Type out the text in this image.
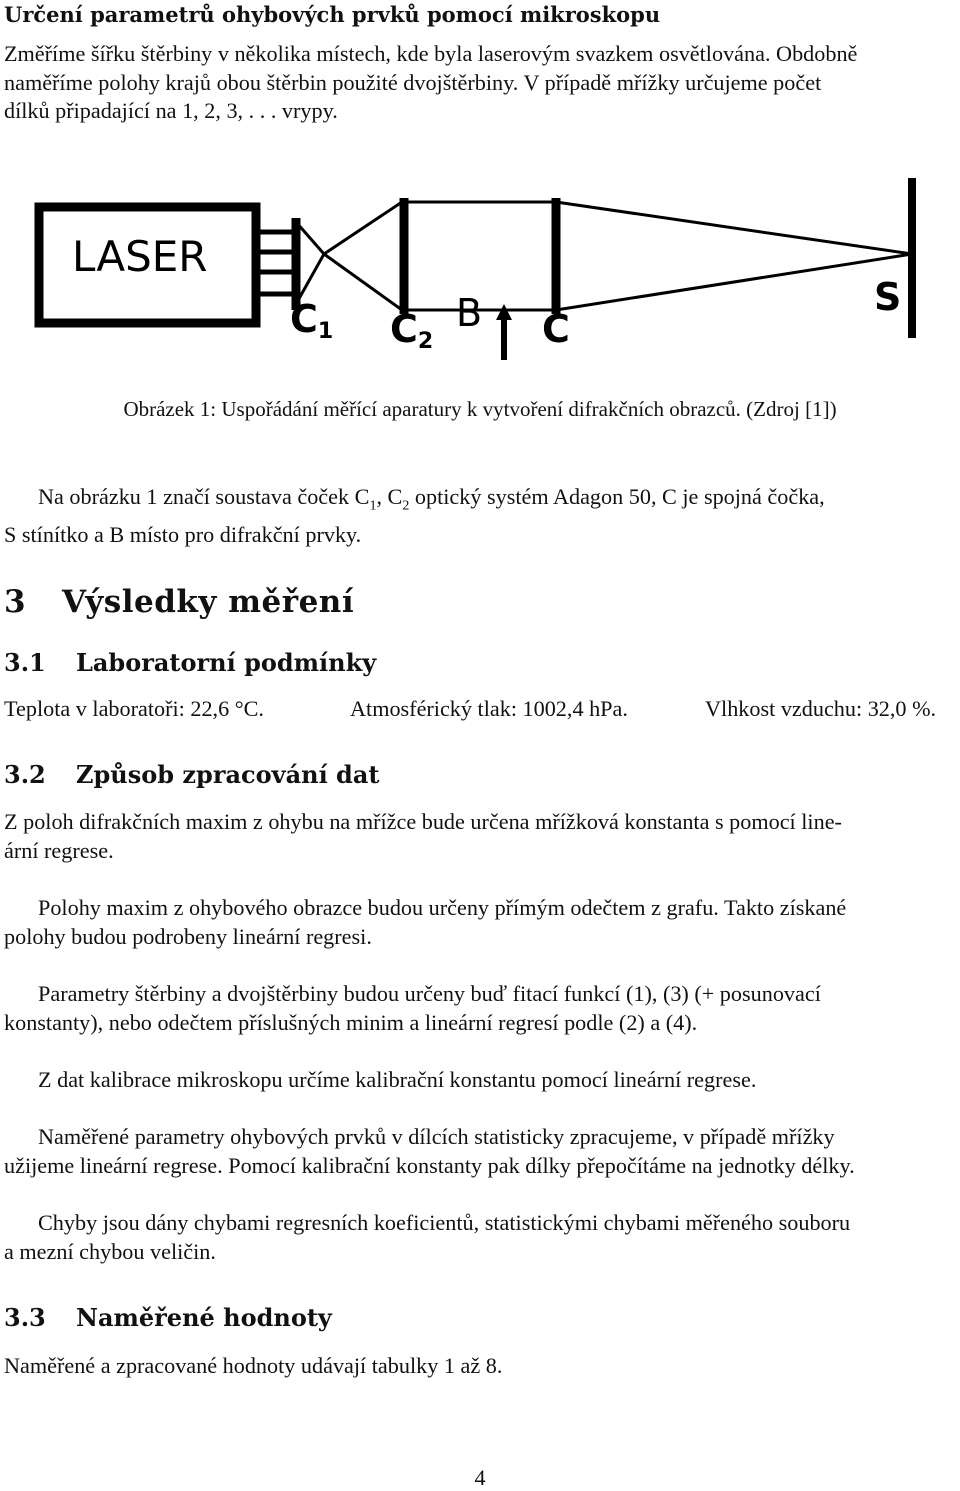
Určení parametrů ohybových prvků pomocí mikroskopu
Změříme šířku štěrbiny v několika místech, kde byla laserovým svazkem osvětlována. Obdobně
naměříme polohy krajů obou štěrbin použité dvojštěrbiny. V případě mřížky určujeme počet
dílků připadající na 1, 2, 3, . . . vrypy.
LASER
C1 C2
B C
S
Obrázek 1: Uspořádání měřící aparatury k vytvoření difrakčních obrazců. (Zdroj [1])
Na obrázku 1 značí soustava čoček $C_1$, $C_2$ optický systém Adagon 50, C je spojná čočka,
S stínítko a B místo pro difrakční prvky.
3 Výsledky měření
3.1 Laboratorní podmínky
Teplota v laboratoři: 22,6 °C.	Atmosférický tlak: 1002,4 hPa.	Vlhkost vzduchu: 32,0 %.
3.2 Způsob zpracování dat
Z poloh difrakčních maxim z ohybu na mřížce bude určena mřížková konstanta s pomocí line-
ární regrese.
Polohy maxim z ohybového obrazce budou určeny přímým odečtem z grafu. Takto získané
polohy budou podrobeny lineární regresi.
Parametry štěrbiny a dvojštěrbiny budou určeny buď fitací funkcí (1), (3) (+ posunovací
konstanty), nebo odečtem příslušných minim a lineární regresí podle (2) a (4).
Z dat kalibrace mikroskopu určíme kalibrační konstantu pomocí lineární regrese.
Naměřené parametry ohybových prvků v dílcích statisticky zpracujeme, v případě mřížky
užijeme lineární regrese. Pomocí kalibrační konstanty pak dílky přepočítáme na jednotky délky.
Chyby jsou dány chybami regresních koeficientů, statistickými chybami měřeného souboru
a mezní chybou veličin.
3.3 Naměřené hodnoty
Naměřené a zpracované hodnoty udávají tabulky 1 až 8.
4
